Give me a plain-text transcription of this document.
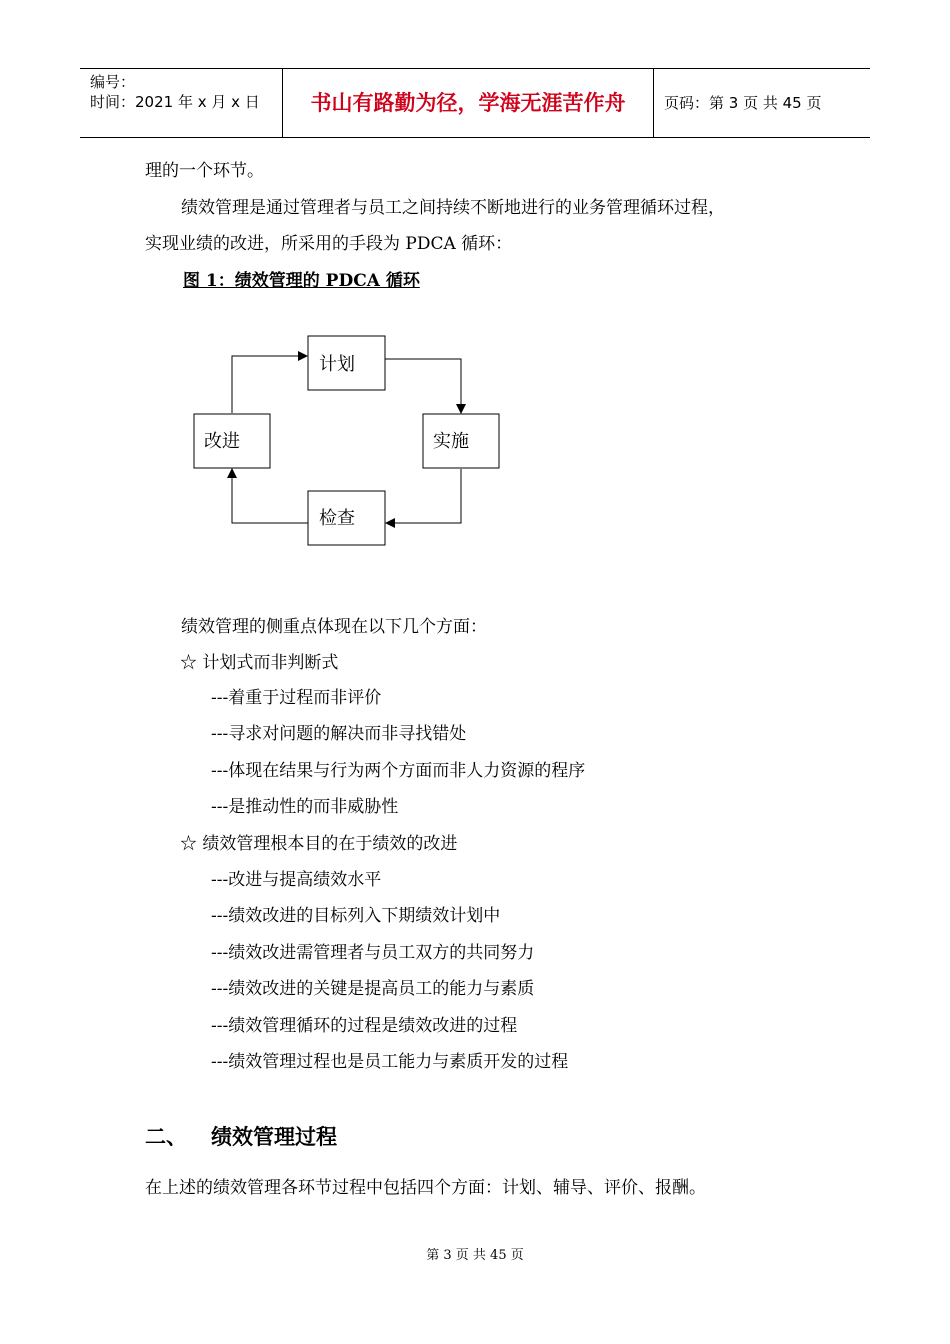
编号：
时间：2021 年 x 月 x 日	书山有路勤为径，学海无涯苦作舟	页码：第 3 页 共 45 页
理的一个环节。
绩效管理是通过管理者与员工之间持续不断地进行的业务管理循环过程，
实现业绩的改进，所采用的手段为 PDCA 循环：
图 1：绩效管理的 PDCA 循环
计划
实施
检查
改进
绩效管理的侧重点体现在以下几个方面：
☆ 计划式而非判断式
---着重于过程而非评价
---寻求对问题的解决而非寻找错处
---体现在结果与行为两个方面而非人力资源的程序
---是推动性的而非威胁性
☆ 绩效管理根本目的在于绩效的改进
---改进与提高绩效水平
---绩效改进的目标列入下期绩效计划中
---绩效改进需管理者与员工双方的共同努力
---绩效改进的关键是提高员工的能力与素质
---绩效管理循环的过程是绩效改进的过程
---绩效管理过程也是员工能力与素质开发的过程
二、 绩效管理过程
在上述的绩效管理各环节过程中包括四个方面：计划、辅导、评价、报酬。
第 3 页 共 45 页
